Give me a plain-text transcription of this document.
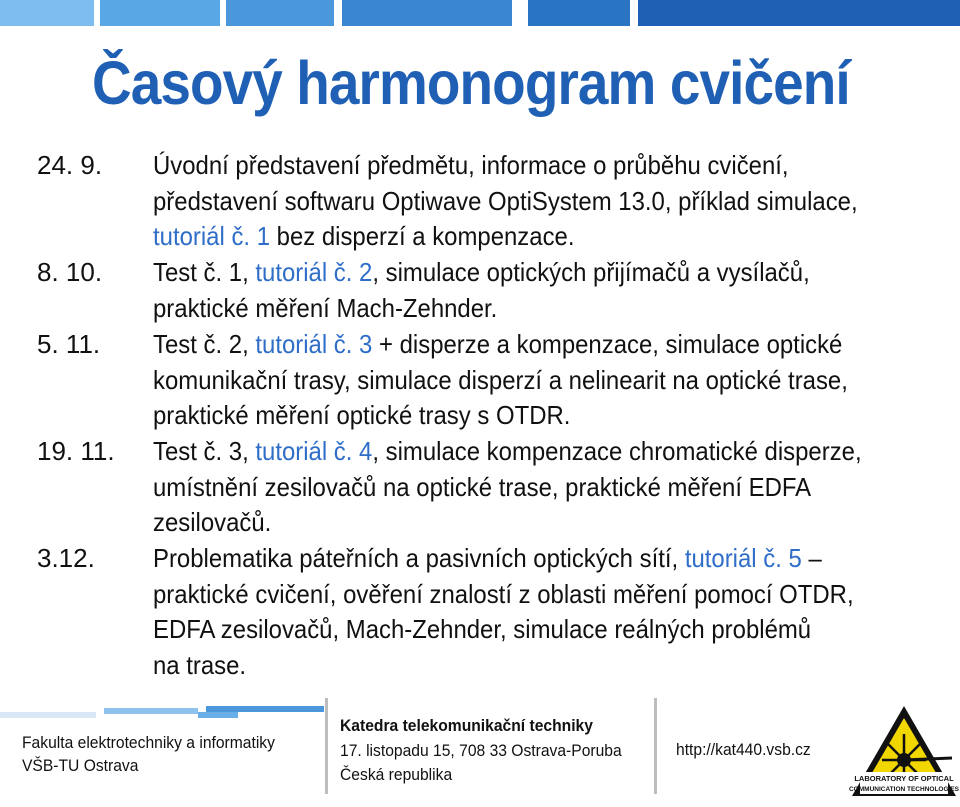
Časový harmonogram cvičení
24. 9. Úvodní představení předmětu, informace o průběhu cvičení,
představení softwaru Optiwave OptiSystem 13.0, příklad simulace,
tutoriál č. 1 bez disperzí a kompenzace.
8. 10. Test č. 1, tutoriál č. 2, simulace optických přijímačů a vysílačů,
praktické měření Mach-Zehnder.
5. 11. Test č. 2, tutoriál č. 3 + disperze a kompenzace, simulace optické
komunikační trasy, simulace disperzí a nelinearit na optické trase,
praktické měření optické trasy s OTDR.
19. 11. Test č. 3, tutoriál č. 4, simulace kompenzace chromatické disperze,
umístnění zesilovačů na optické trase, praktické měření EDFA
zesilovačů.
3.12. Problematika páteřních a pasivních optických sítí, tutoriál č. 5 –
praktické cvičení, ověření znalostí z oblasti měření pomocí OTDR,
EDFA zesilovačů, Mach-Zehnder, simulace reálných problémů
na trase.
Fakulta elektrotechniky a informatiky
VŠB-TU Ostrava
Katedra telekomunikační techniky
17. listopadu 15, 708 33 Ostrava-Poruba
Česká republika
http://kat440.vsb.cz
LABORATORY OF OPTICAL
COMMUNICATION TECHNOLOGIES
